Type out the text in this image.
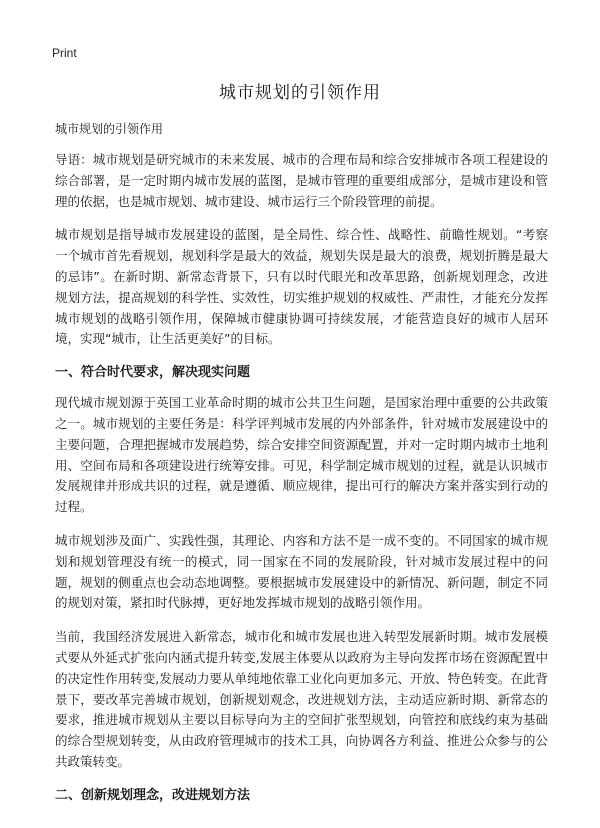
Print
城市规划的引领作用

城市规划的引领作用

导语：城市规划是研究城市的未来发展、城市的合理布局和综合安排城市各项工程建设的综合部署，是一定时期内城市发展的蓝图，是城市管理的重要组成部分，是城市建设和管理的依据，也是城市规划、城市建设、城市运行三个阶段管理的前提。

城市规划是指导城市发展建设的蓝图，是全局性、综合性、战略性、前瞻性规划。“考察一个城市首先看规划，规划科学是最大的效益，规划失误是最大的浪费，规划折腾是最大的忌讳”。在新时期、新常态背景下，只有以时代眼光和改革思路，创新规划理念，改进规划方法，提高规划的科学性、实效性，切实维护规划的权威性、严肃性，才能充分发挥城市规划的战略引领作用，保障城市健康协调可持续发展，才能营造良好的城市人居环境，实现“城市，让生活更美好”的目标。

一、符合时代要求，解决现实问题

现代城市规划源于英国工业革命时期的城市公共卫生问题，是国家治理中重要的公共政策之一。城市规划的主要任务是：科学评判城市发展的内外部条件，针对城市发展建设中的主要问题，合理把握城市发展趋势，综合安排空间资源配置，并对一定时期内城市土地利用、空间布局和各项建设进行统筹安排。可见，科学制定城市规划的过程，就是认识城市发展规律并形成共识的过程，就是遵循、顺应规律，提出可行的解决方案并落实到行动的过程。

城市规划涉及面广、实践性强，其理论、内容和方法不是一成不变的。不同国家的城市规划和规划管理没有统一的模式，同一国家在不同的发展阶段，针对城市发展过程中的问题，规划的侧重点也会动态地调整。要根据城市发展建设中的新情况、新问题，制定不同的规划对策，紧扣时代脉搏，更好地发挥城市规划的战略引领作用。

当前，我国经济发展进入新常态，城市化和城市发展也进入转型发展新时期。城市发展模式要从外延式扩张向内涵式提升转变,发展主体要从以政府为主导向发挥市场在资源配置中的决定性作用转变,发展动力要从单纯地依靠工业化向更加多元、开放、特色转变。在此背景下，要改革完善城市规划，创新规划观念，改进规划方法，主动适应新时期、新常态的要求，推进城市规划从主要以目标导向为主的空间扩张型规划，向管控和底线约束为基础的综合型规划转变，从由政府管理城市的技术工具，向协调各方利益、推进公众参与的公共政策转变。

二、创新规划理念，改进规划方法
